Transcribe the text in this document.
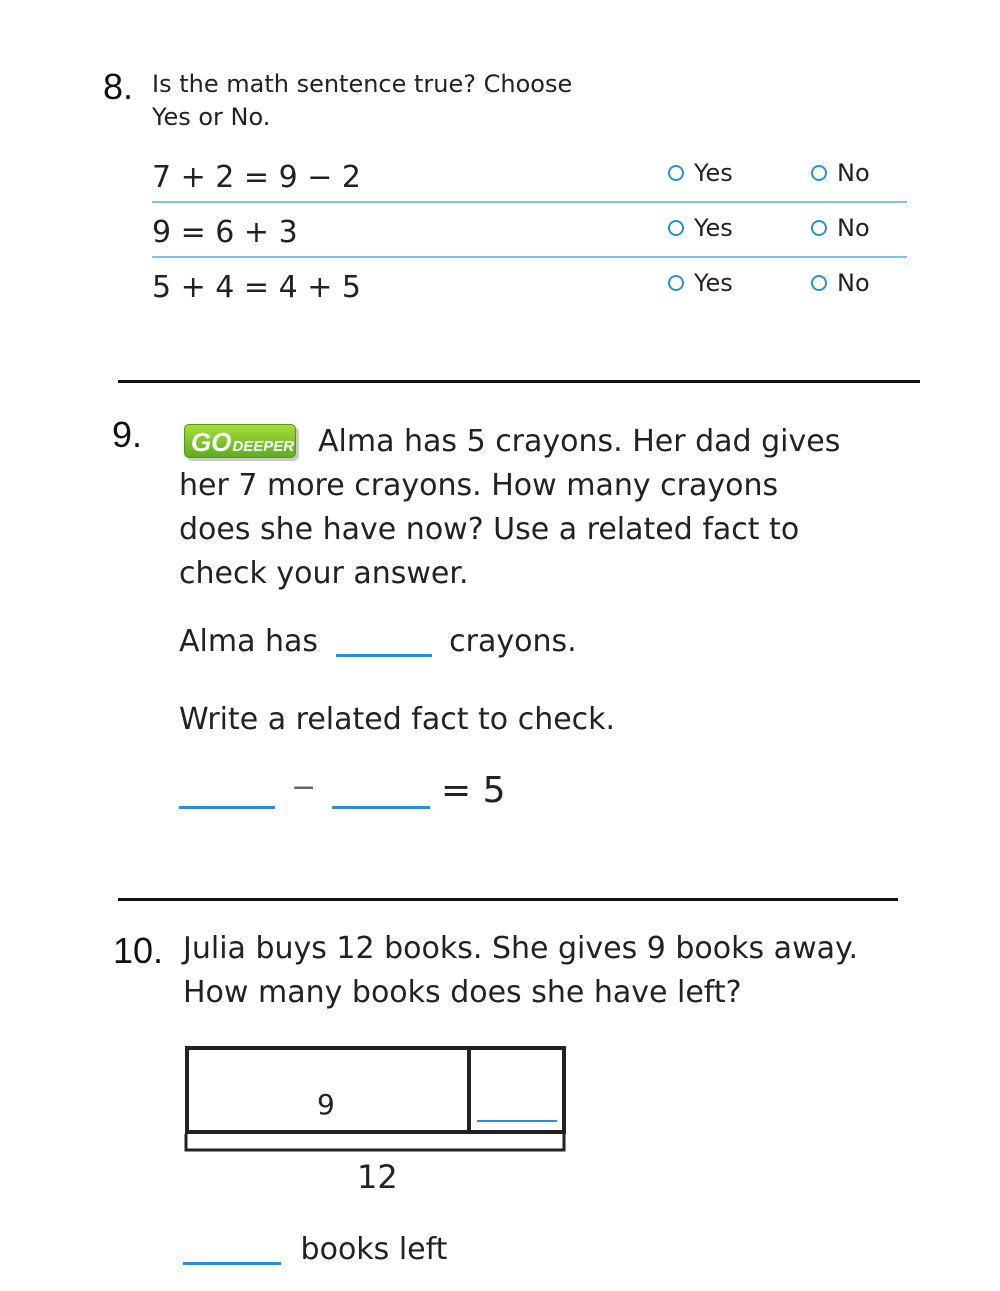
8. Is the math sentence true? Choose
Yes or No.
7 + 2 = 9 − 2	Yes	No
9 = 6 + 3	Yes	No
5 + 4 = 4 + 5	Yes	No
9. GO DEEPER Alma has 5 crayons. Her dad gives
her 7 more crayons. How many crayons
does she have now? Use a related fact to
check your answer.
Alma has	crayons.
Write a related fact to check.
−	= 5
10. Julia buys 12 books. She gives 9 books away.
How many books does she have left?
9
12
books left
